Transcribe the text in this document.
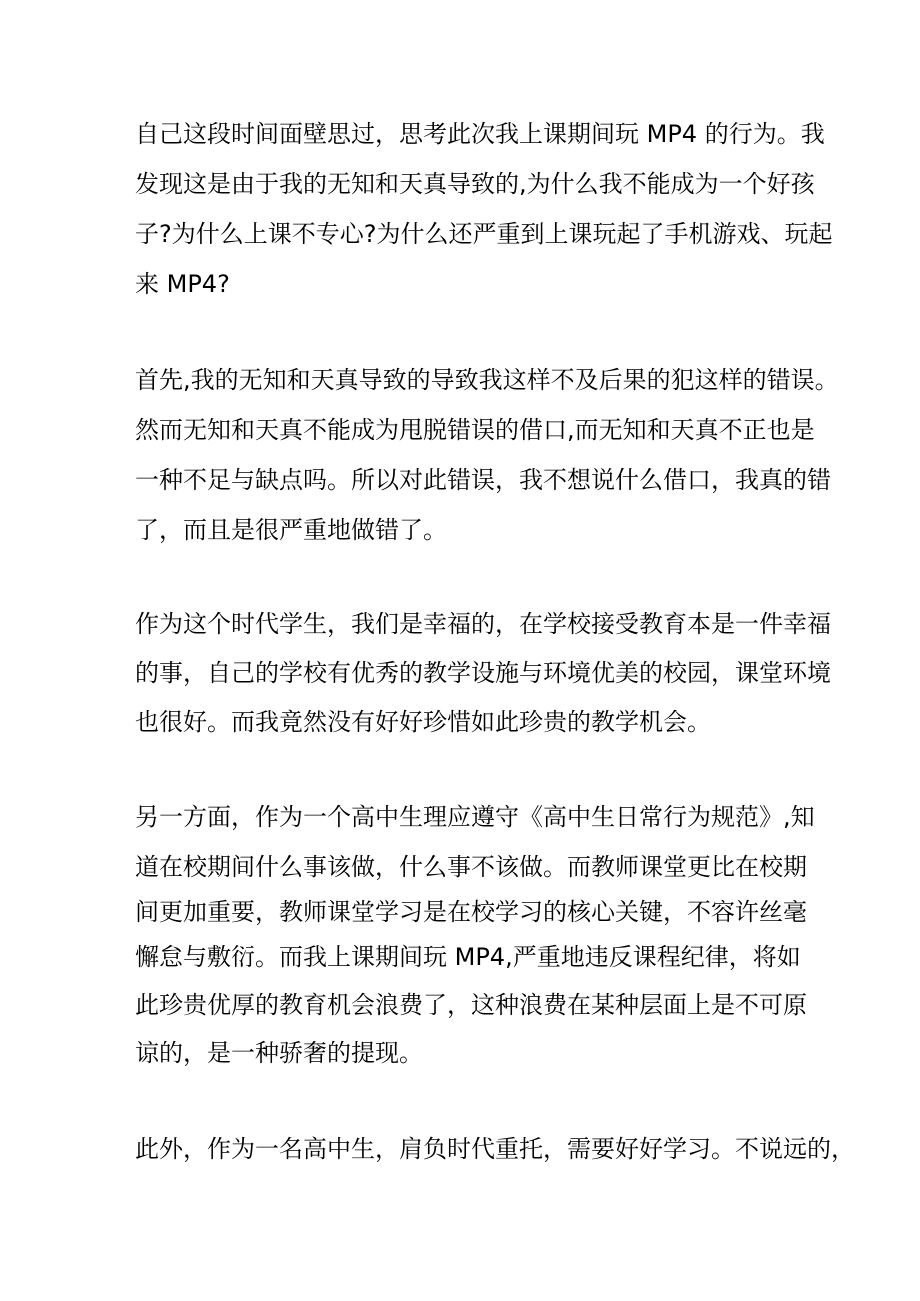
自己这段时间面壁思过，思考此次我上课期间玩 MP4 的行为。我
发现这是由于我的无知和天真导致的,为什么我不能成为一个好孩
子?为什么上课不专心?为什么还严重到上课玩起了手机游戏、玩起
来 MP4?
首先,我的无知和天真导致的导致我这样不及后果的犯这样的错误。
然而无知和天真不能成为甩脱错误的借口,而无知和天真不正也是
一种不足与缺点吗。所以对此错误，我不想说什么借口，我真的错
了，而且是很严重地做错了。
作为这个时代学生，我们是幸福的，在学校接受教育本是一件幸福
的事，自己的学校有优秀的教学设施与环境优美的校园，课堂环境
也很好。而我竟然没有好好珍惜如此珍贵的教学机会。
另一方面，作为一个高中生理应遵守《高中生日常行为规范》,知
道在校期间什么事该做，什么事不该做。而教师课堂更比在校期
间更加重要，教师课堂学习是在校学习的核心关键，不容许丝毫
懈怠与敷衍。而我上课期间玩 MP4,严重地违反课程纪律，将如
此珍贵优厚的教育机会浪费了，这种浪费在某种层面上是不可原
谅的，是一种骄奢的提现。
此外，作为一名高中生，肩负时代重托，需要好好学习。不说远的，
